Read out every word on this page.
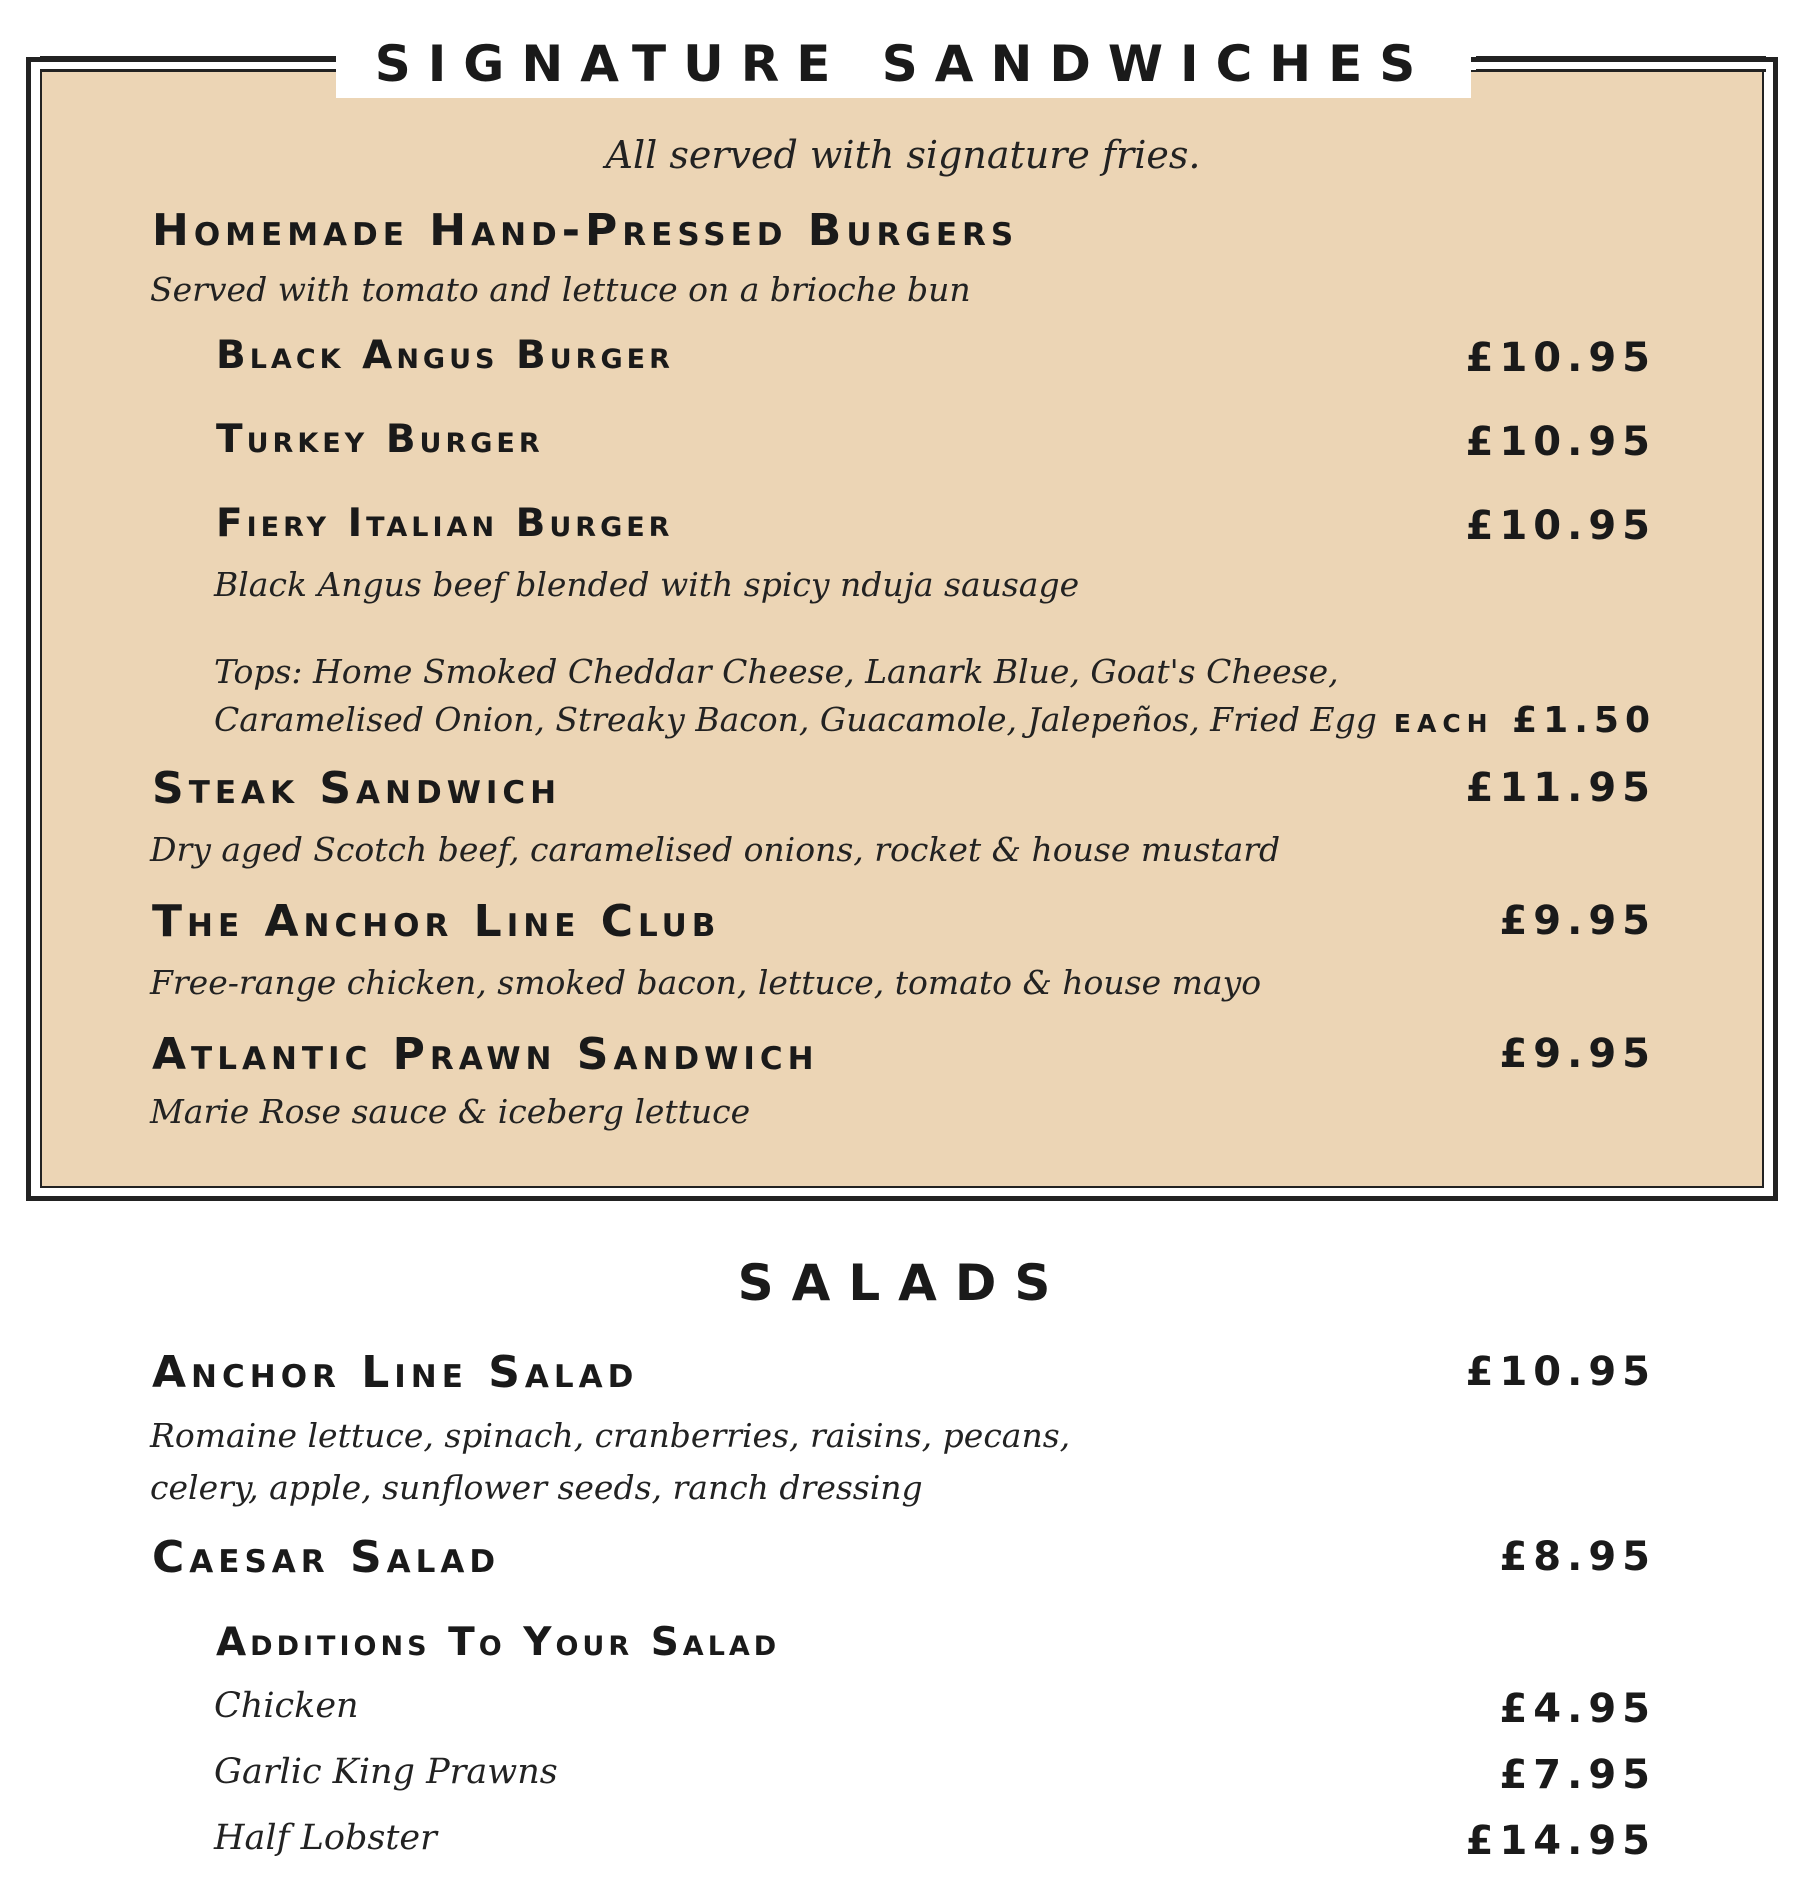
SIGNATURE SANDWICHES
All served with signature fries.
Homemade Hand-Pressed Burgers
Served with tomato and lettuce on a brioche bun
Black Angus Burger	£10.95
Turkey Burger	£10.95
Fiery Italian Burger	£10.95
Black Angus beef blended with spicy nduja sausage
Tops: Home Smoked Cheddar Cheese, Lanark Blue, Goat's Cheese,
Caramelised Onion, Streaky Bacon, Guacamole, Jalepeños, Fried Egg Each £1.50
Steak Sandwich	£11.95
Dry aged Scotch beef, caramelised onions, rocket & house mustard
The Anchor Line Club	£9.95
Free-range chicken, smoked bacon, lettuce, tomato & house mayo
Atlantic Prawn Sandwich	£9.95
Marie Rose sauce & iceberg lettuce
SALADS
Anchor Line Salad	£10.95
Romaine lettuce, spinach, cranberries, raisins, pecans,
celery, apple, sunflower seeds, ranch dressing
Caesar Salad	£8.95
Additions To Your Salad
Chicken	£4.95
Garlic King Prawns	£7.95
Half Lobster	£14.95
